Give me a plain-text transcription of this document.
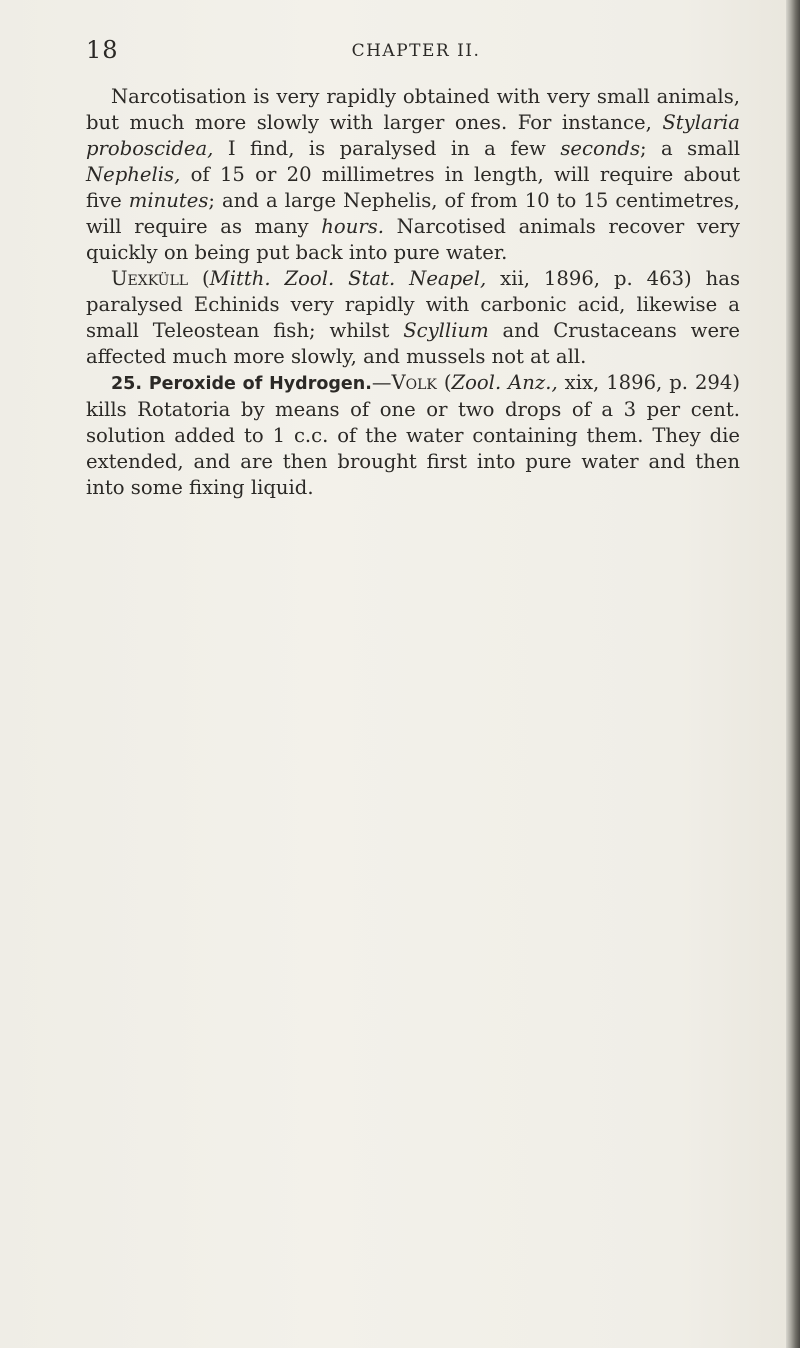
18	CHAPTER II.

Narcotisation is very rapidly obtained with very small animals, but much more slowly with larger ones. For instance, Stylaria proboscidea, I find, is paralysed in a few seconds; a small Nephelis, of 15 or 20 millimetres in length, will require about five minutes; and a large Nephelis, of from 10 to 15 centimetres, will require as many hours. Narcotised animals recover very quickly on being put back into pure water.

Uexküll (Mitth. Zool. Stat. Neapel, xii, 1896, p. 463) has paralysed Echinids very rapidly with carbonic acid, likewise a small Teleostean fish; whilst Scyllium and Crustaceans were affected much more slowly, and mussels not at all.

25. Peroxide of Hydrogen.—Volk (Zool. Anz., xix, 1896, p. 294) kills Rotatoria by means of one or two drops of a 3 per cent. solution added to 1 c.c. of the water containing them. They die extended, and are then brought first into pure water and then into some fixing liquid.
